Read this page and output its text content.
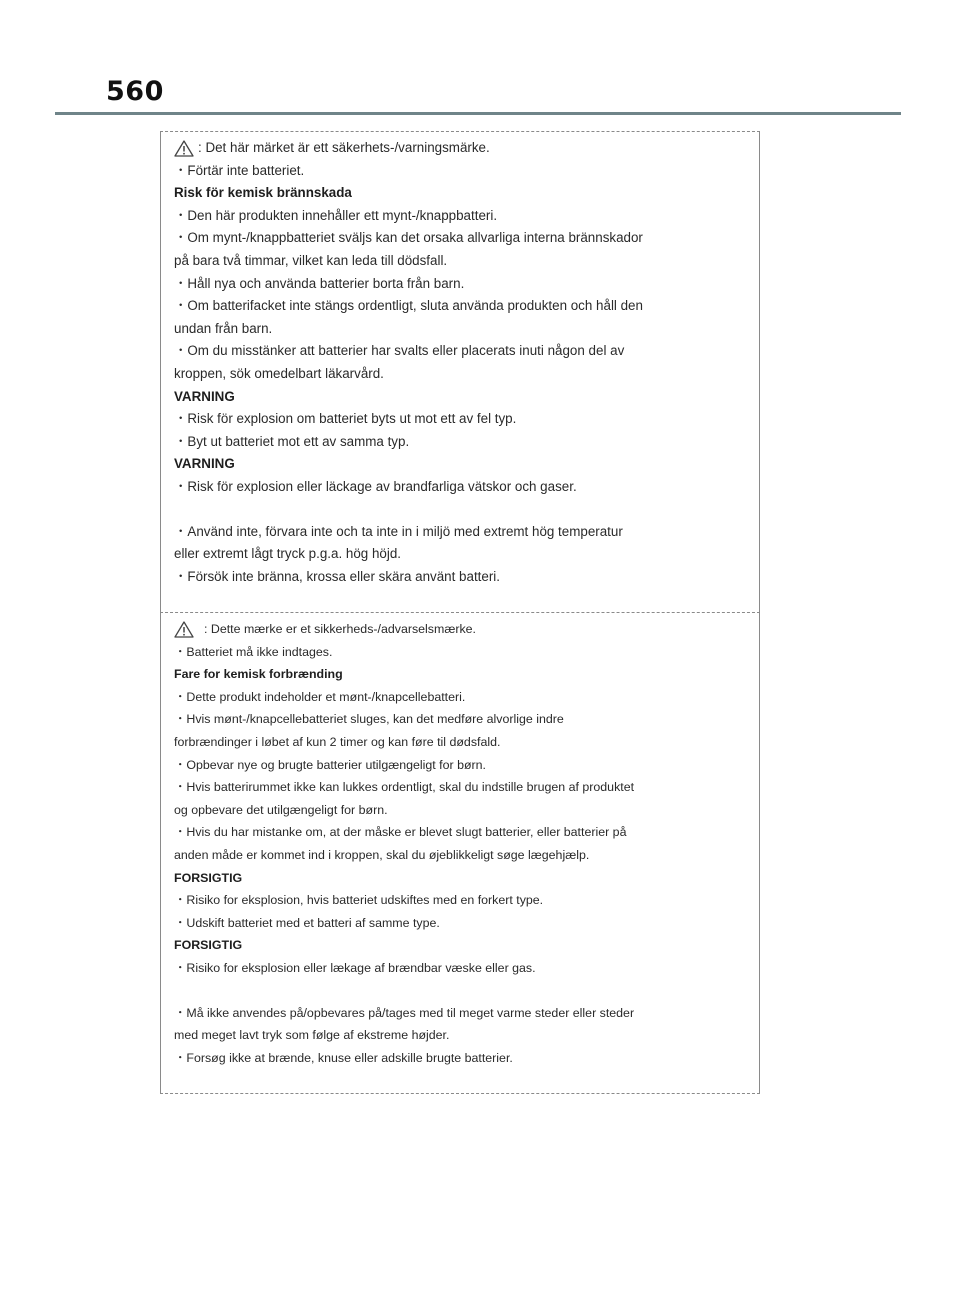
560
: Det här märket är ett säkerhets-/varningsmärke.
・Förtär inte batteriet.
Risk för kemisk brännskada
・Den här produkten innehåller ett mynt-/knappbatteri.
・Om mynt-/knappbatteriet sväljs kan det orsaka allvarliga interna brännskador
på bara två timmar, vilket kan leda till dödsfall.
・Håll nya och använda batterier borta från barn.
・Om batterifacket inte stängs ordentligt, sluta använda produkten och håll den
undan från barn.
・Om du misstänker att batterier har svalts eller placerats inuti någon del av
kroppen, sök omedelbart läkarvård.
VARNING
・Risk för explosion om batteriet byts ut mot ett av fel typ.
・Byt ut batteriet mot ett av samma typ.
VARNING
・Risk för explosion eller läckage av brandfarliga vätskor och gaser.
・Använd inte, förvara inte och ta inte in i miljö med extremt hög temperatur
eller extremt lågt tryck p.g.a. hög höjd.
・Försök inte bränna, krossa eller skära använt batteri.
: Dette mærke er et sikkerheds-/advarselsmærke.
・Batteriet må ikke indtages.
Fare for kemisk forbrænding
・Dette produkt indeholder et mønt-/knapcellebatteri.
・Hvis mønt-/knapcellebatteriet sluges, kan det medføre alvorlige indre
forbrændinger i løbet af kun 2 timer og kan føre til dødsfald.
・Opbevar nye og brugte batterier utilgængeligt for børn.
・Hvis batterirummet ikke kan lukkes ordentligt, skal du indstille brugen af produktet
og opbevare det utilgængeligt for børn.
・Hvis du har mistanke om, at der måske er blevet slugt batterier, eller batterier på
anden måde er kommet ind i kroppen, skal du øjeblikkeligt søge lægehjælp.
FORSIGTIG
・Risiko for eksplosion, hvis batteriet udskiftes med en forkert type.
・Udskift batteriet med et batteri af samme type.
FORSIGTIG
・Risiko for eksplosion eller lækage af brændbar væske eller gas.
・Må ikke anvendes på/opbevares på/tages med til meget varme steder eller steder
med meget lavt tryk som følge af ekstreme højder.
・Forsøg ikke at brænde, knuse eller adskille brugte batterier.
